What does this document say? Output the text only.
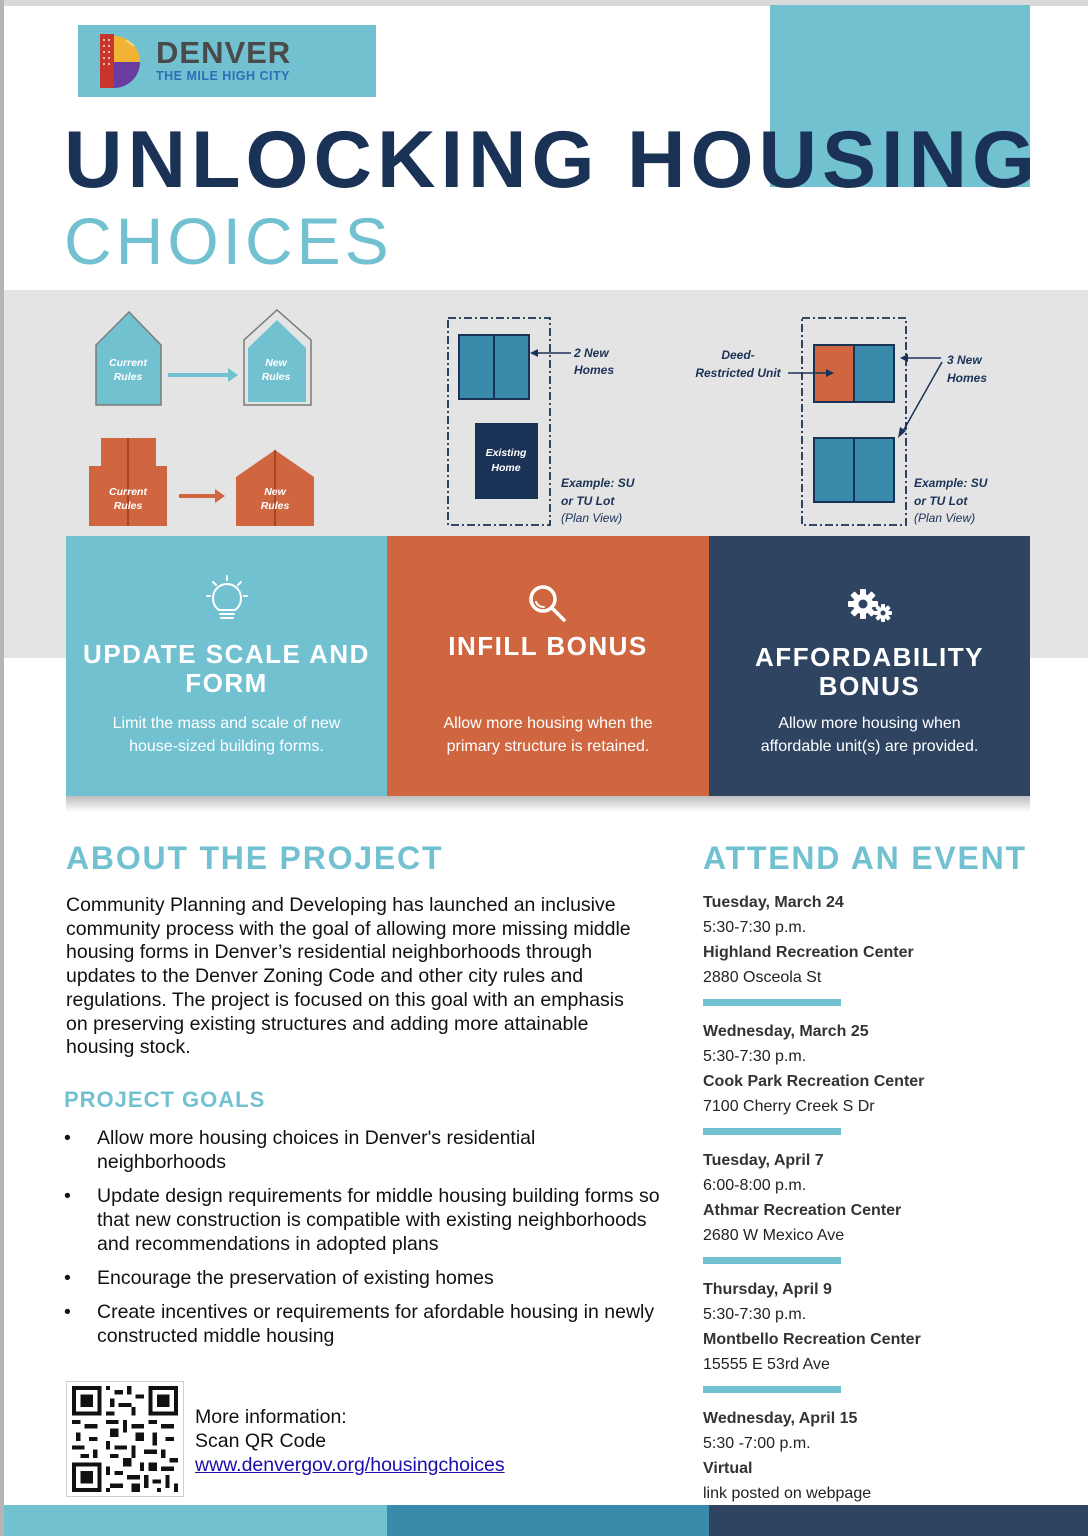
DENVER
THE MILE HIGH CITY
UNLOCKING HOUSING
CHOICES
Current Rules
New Rules
Current Rules
New Rules
2 New
Homes
Existing
Home
Example: SU
or TU Lot
(Plan View)
Deed-
Restricted Unit
3 New
Homes
Example: SU
or TU Lot
(Plan View)
UPDATE SCALE AND FORM
Limit the mass and scale of new house-sized building forms.
INFILL BONUS
Allow more housing when the primary structure is retained.
AFFORDABILITY BONUS
Allow more housing when affordable unit(s) are provided.
ABOUT THE PROJECT
Community Planning and Developing has launched an inclusive community process with the goal of allowing more missing middle housing forms in Denver’s residential neighborhoods through updates to the Denver Zoning Code and other city rules and regulations. The project is focused on this goal with an emphasis on preserving existing structures and adding more attainable housing stock.
PROJECT GOALS
• Allow more housing choices in Denver's residential neighborhoods
• Update design requirements for middle housing building forms so that new construction is compatible with existing neighborhoods and recommendations in adopted plans
• Encourage the preservation of existing homes
• Create incentives or requirements for afordable housing in newly constructed middle housing
More information:
Scan QR Code
www.denvergov.org/housingchoices
ATTEND AN EVENT
Tuesday, March 24
5:30-7:30 p.m.
Highland Recreation Center
2880 Osceola St
Wednesday, March 25
5:30-7:30 p.m.
Cook Park Recreation Center
7100 Cherry Creek S Dr
Tuesday, April 7
6:00-8:00 p.m.
Athmar Recreation Center
2680 W Mexico Ave
Thursday, April 9
5:30-7:30 p.m.
Montbello Recreation Center
15555 E 53rd Ave
Wednesday, April 15
5:30 -7:00 p.m.
Virtual
link posted on webpage
